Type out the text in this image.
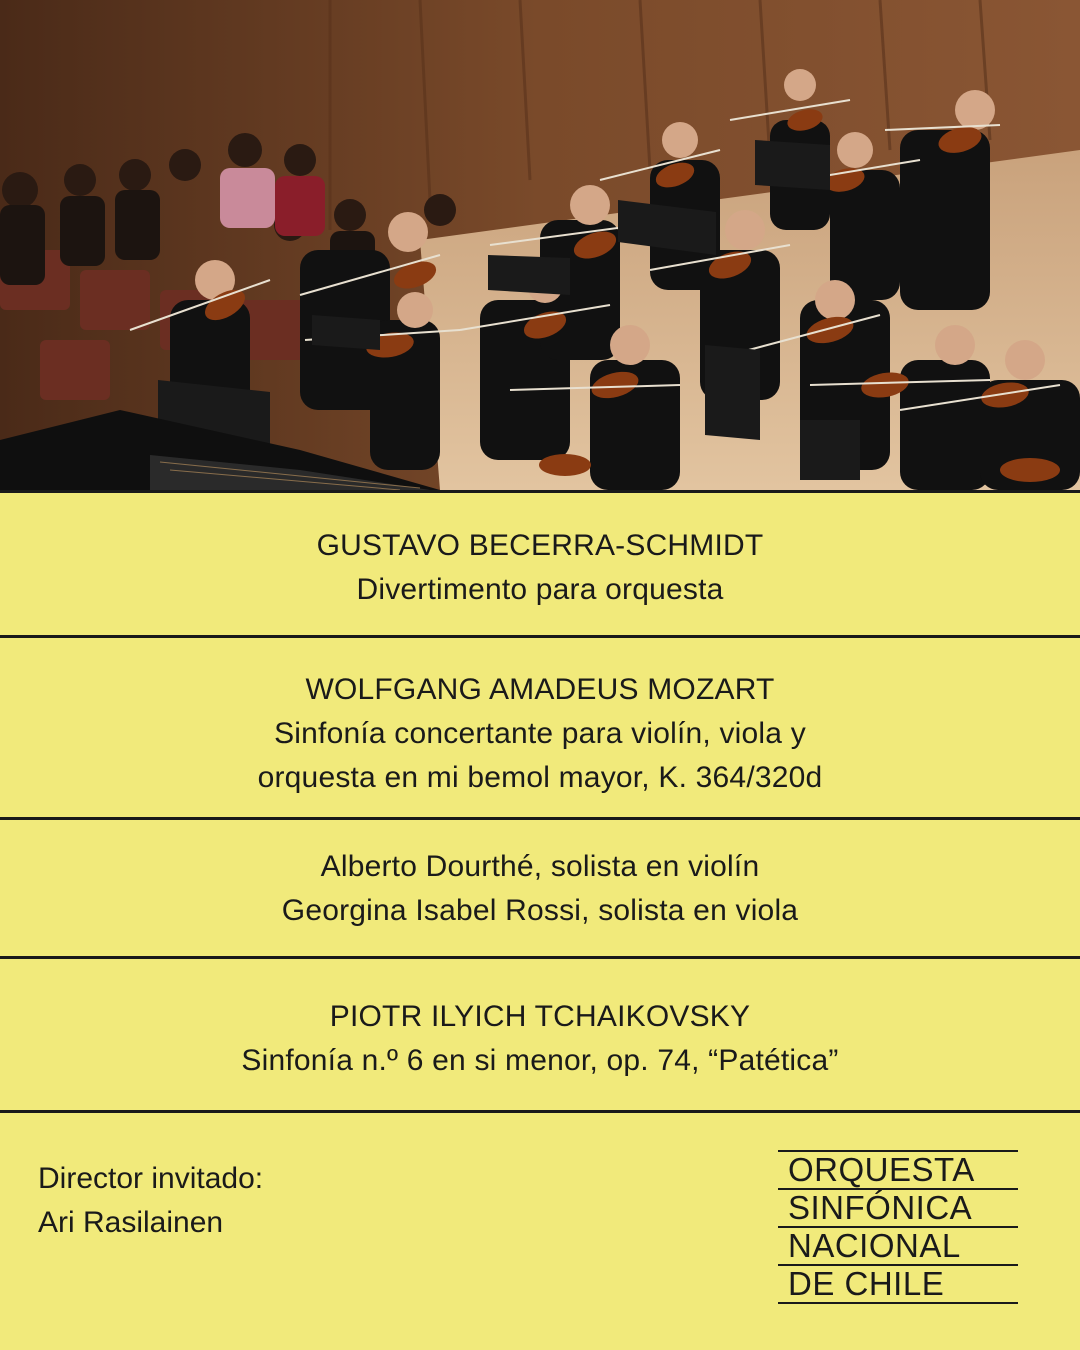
GUSTAVO BECERRA-SCHMIDT
Divertimento para orquesta
WOLFGANG AMADEUS MOZART
Sinfonía concertante para violín, viola y
orquesta en mi bemol mayor, K. 364/320d
Alberto Dourthé, solista en violín
Georgina Isabel Rossi, solista en viola
PIOTR ILYICH TCHAIKOVSKY
Sinfonía n.º 6 en si menor, op. 74, “Patética”
Director invitado:
Ari Rasilainen
ORQUESTA
SINFÓNICA
NACIONAL
DE CHILE
